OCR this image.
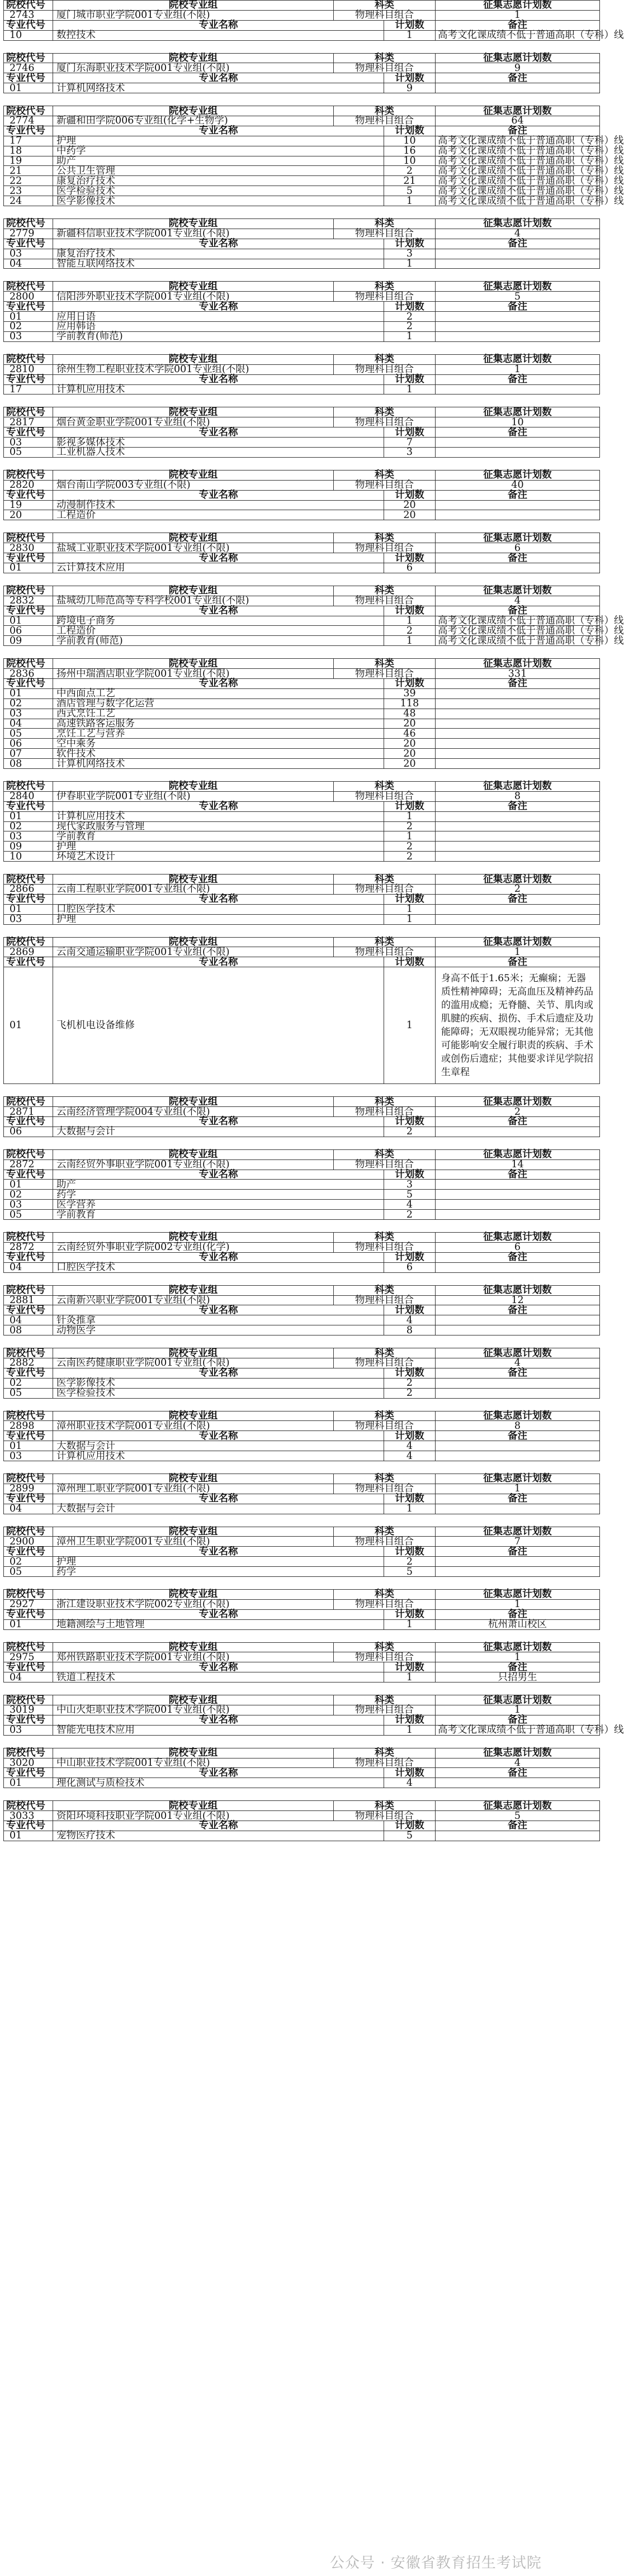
院校代号	院校专业组	科类		征集志愿计划数
2743	厦门城市职业学院001专业组(不限)	物理科目组合		1
专业代号	专业名称		计划数	备注
10	数控技术		1	高考文化课成绩不低于普通高职（专科）线
院校代号	院校专业组	科类		征集志愿计划数
2746	厦门东海职业技术学院001专业组(不限)	物理科目组合		9
专业代号	专业名称		计划数	备注
01	计算机网络技术		9	
院校代号	院校专业组	科类		征集志愿计划数
2774	新疆和田学院006专业组(化学+生物学)	物理科目组合		64
专业代号	专业名称		计划数	备注
17	护理		10	高考文化课成绩不低于普通高职（专科）线
18	中药学		16	高考文化课成绩不低于普通高职（专科）线
19	助产		10	高考文化课成绩不低于普通高职（专科）线
21	公共卫生管理		2	高考文化课成绩不低于普通高职（专科）线
22	康复治疗技术		21	高考文化课成绩不低于普通高职（专科）线
23	医学检验技术		5	高考文化课成绩不低于普通高职（专科）线
24	医学影像技术		1	高考文化课成绩不低于普通高职（专科）线
院校代号	院校专业组	科类		征集志愿计划数
2779	新疆科信职业技术学院001专业组(不限)	物理科目组合		4
专业代号	专业名称		计划数	备注
03	康复治疗技术		3	
04	智能互联网络技术		1	
院校代号	院校专业组	科类		征集志愿计划数
2800	信阳涉外职业技术学院001专业组(不限)	物理科目组合		5
专业代号	专业名称		计划数	备注
01	应用日语		2	
02	应用韩语		2	
03	学前教育(师范)		1	
院校代号	院校专业组	科类		征集志愿计划数
2810	徐州生物工程职业技术学院001专业组(不限)	物理科目组合		1
专业代号	专业名称		计划数	备注
17	计算机应用技术		1	
院校代号	院校专业组	科类		征集志愿计划数
2817	烟台黄金职业学院001专业组(不限)	物理科目组合		10
专业代号	专业名称		计划数	备注
03	影视多媒体技术		7	
05	工业机器人技术		3	
院校代号	院校专业组	科类		征集志愿计划数
2820	烟台南山学院003专业组(不限)	物理科目组合		40
专业代号	专业名称		计划数	备注
19	动漫制作技术		20	
20	工程造价		20	
院校代号	院校专业组	科类		征集志愿计划数
2830	盐城工业职业技术学院001专业组(不限)	物理科目组合		6
专业代号	专业名称		计划数	备注
01	云计算技术应用		6	
院校代号	院校专业组	科类		征集志愿计划数
2832	盐城幼儿师范高等专科学校001专业组(不限)	物理科目组合		4
专业代号	专业名称		计划数	备注
01	跨境电子商务		1	高考文化课成绩不低于普通高职（专科）线
06	工程造价		2	高考文化课成绩不低于普通高职（专科）线
09	学前教育(师范)		1	高考文化课成绩不低于普通高职（专科）线
院校代号	院校专业组	科类		征集志愿计划数
2836	扬州中瑞酒店职业学院001专业组(不限)	物理科目组合		331
专业代号	专业名称		计划数	备注
01	中西面点工艺		39	
02	酒店管理与数字化运营		118	
03	西式烹饪工艺		48	
04	高速铁路客运服务		20	
05	烹饪工艺与营养		46	
06	空中乘务		20	
07	软件技术		20	
08	计算机网络技术		20	
院校代号	院校专业组	科类		征集志愿计划数
2840	伊春职业学院001专业组(不限)	物理科目组合		8
专业代号	专业名称		计划数	备注
01	计算机应用技术		1	
02	现代家政服务与管理		2	
03	学前教育		1	
09	护理		2	
10	环境艺术设计		2	
院校代号	院校专业组	科类		征集志愿计划数
2866	云南工程职业学院001专业组(不限)	物理科目组合		2
专业代号	专业名称		计划数	备注
01	口腔医学技术		1	
03	护理		1	
院校代号	院校专业组	科类		征集志愿计划数
2869	云南交通运输职业学院001专业组(不限)	物理科目组合		1
专业代号	专业名称		计划数	备注
01	飞机机电设备维修		1	身高不低于1.65米；无癫痫；无器质性精神障碍；无高血压及精神药品的滥用成瘾；无脊髓、关节、肌肉或肌腱的疾病、损伤、手术后遗症及功能障碍；无双眼视功能异常；无其他可能影响安全履行职责的疾病、手术或创伤后遗症；其他要求详见学院招生章程
院校代号	院校专业组	科类		征集志愿计划数
2871	云南经济管理学院004专业组(不限)	物理科目组合		2
专业代号	专业名称		计划数	备注
06	大数据与会计		2	
院校代号	院校专业组	科类		征集志愿计划数
2872	云南经贸外事职业学院001专业组(不限)	物理科目组合		14
专业代号	专业名称		计划数	备注
01	助产		3	
02	药学		5	
03	医学营养		4	
05	学前教育		2	
院校代号	院校专业组	科类		征集志愿计划数
2872	云南经贸外事职业学院002专业组(化学)	物理科目组合		6
专业代号	专业名称		计划数	备注
04	口腔医学技术		6	
院校代号	院校专业组	科类		征集志愿计划数
2881	云南新兴职业学院001专业组(不限)	物理科目组合		12
专业代号	专业名称		计划数	备注
04	针灸推拿		4	
08	动物医学		8	
院校代号	院校专业组	科类		征集志愿计划数
2882	云南医药健康职业学院001专业组(不限)	物理科目组合		4
专业代号	专业名称		计划数	备注
02	医学影像技术		2	
05	医学检验技术		2	
院校代号	院校专业组	科类		征集志愿计划数
2898	漳州职业技术学院001专业组(不限)	物理科目组合		8
专业代号	专业名称		计划数	备注
01	大数据与会计		4	
03	计算机应用技术		4	
院校代号	院校专业组	科类		征集志愿计划数
2899	漳州理工职业学院001专业组(不限)	物理科目组合		1
专业代号	专业名称		计划数	备注
04	大数据与会计		1	
院校代号	院校专业组	科类		征集志愿计划数
2900	漳州卫生职业学院001专业组(不限)	物理科目组合		7
专业代号	专业名称		计划数	备注
02	护理		2	
05	药学		5	
院校代号	院校专业组	科类		征集志愿计划数
2927	浙江建设职业技术学院002专业组(不限)	物理科目组合		1
专业代号	专业名称		计划数	备注
01	地籍测绘与土地管理		1	杭州萧山校区
院校代号	院校专业组	科类		征集志愿计划数
2975	郑州铁路职业技术学院001专业组(不限)	物理科目组合		1
专业代号	专业名称		计划数	备注
04	铁道工程技术		1	只招男生
院校代号	院校专业组	科类		征集志愿计划数
3019	中山火炬职业技术学院001专业组(不限)	物理科目组合		1
专业代号	专业名称		计划数	备注
03	智能光电技术应用		1	高考文化课成绩不低于普通高职（专科）线
院校代号	院校专业组	科类		征集志愿计划数
3020	中山职业技术学院001专业组(不限)	物理科目组合		4
专业代号	专业名称		计划数	备注
01	理化测试与质检技术		4	
院校代号	院校专业组	科类		征集志愿计划数
3033	资阳环境科技职业学院001专业组(不限)	物理科目组合		5
专业代号	专业名称		计划数	备注
01	宠物医疗技术		5	
公众号 · 安徽省教育招生考试院
